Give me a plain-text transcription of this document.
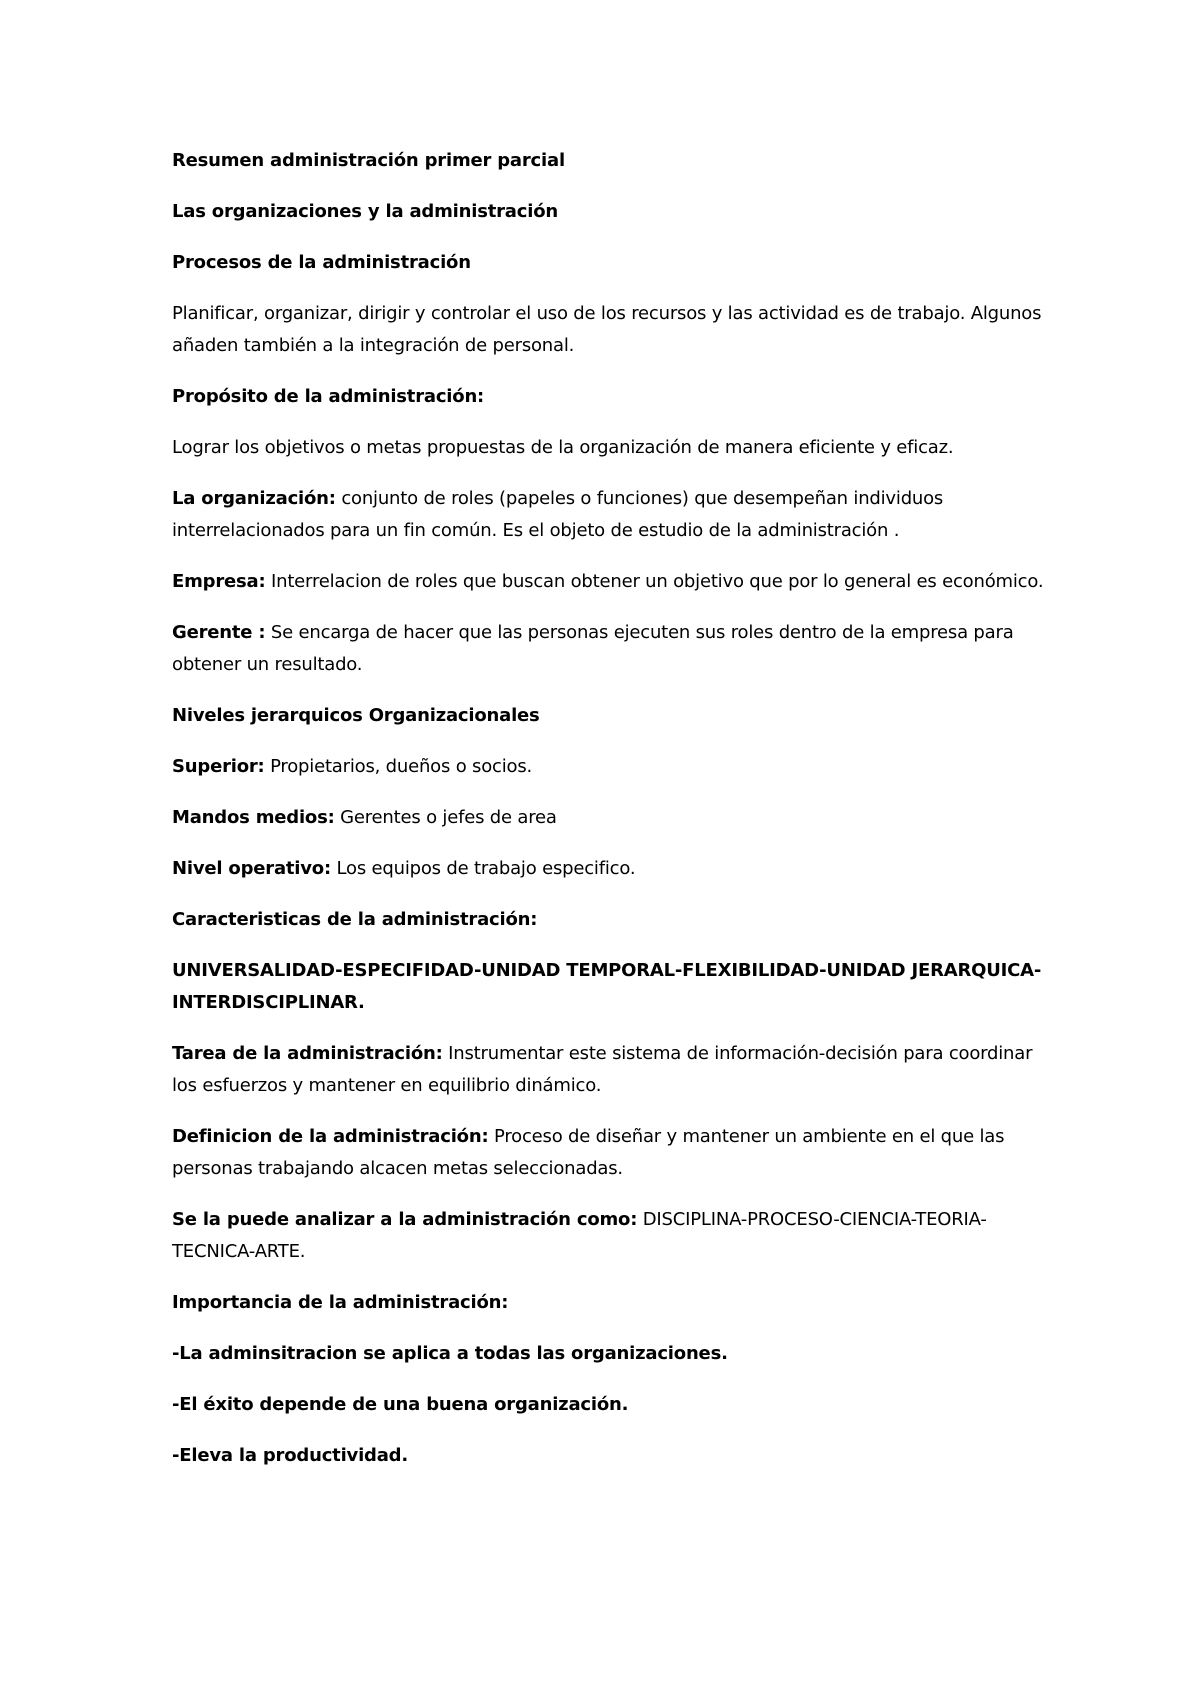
Resumen administración primer parcial

Las organizaciones y la administración

Procesos de la administración

Planificar, organizar, dirigir y controlar el uso de los recursos y las actividad es de trabajo. Algunos añaden también a la integración de personal.

Propósito de la administración:

Lograr los objetivos o metas propuestas de la organización de manera eficiente y eficaz.

La organización: conjunto de roles (papeles o funciones) que desempeñan individuos interrelacionados para un fin común. Es el objeto de estudio de la administración .

Empresa: Interrelacion de roles que buscan obtener un objetivo que por lo general es económico.

Gerente : Se encarga de hacer que las personas ejecuten sus roles dentro de la empresa para obtener un resultado.

Niveles jerarquicos Organizacionales

Superior: Propietarios, dueños o socios.

Mandos medios: Gerentes o jefes de area

Nivel operativo: Los equipos de trabajo especifico.

Caracteristicas de la administración:

UNIVERSALIDAD-ESPECIFIDAD-UNIDAD TEMPORAL-FLEXIBILIDAD-UNIDAD JERARQUICA-INTERDISCIPLINAR.

Tarea de la administración: Instrumentar este sistema de información-decisión para coordinar los esfuerzos y mantener en equilibrio dinámico.

Definicion de la administración: Proceso de diseñar y mantener un ambiente en el que las personas trabajando alcacen metas seleccionadas.

Se la puede analizar a la administración como: DISCIPLINA-PROCESO-CIENCIA-TEORIA-TECNICA-ARTE.

Importancia de la administración:

-La adminsitracion se aplica a todas las organizaciones.

-El éxito depende de una buena organización.

-Eleva la productividad.
